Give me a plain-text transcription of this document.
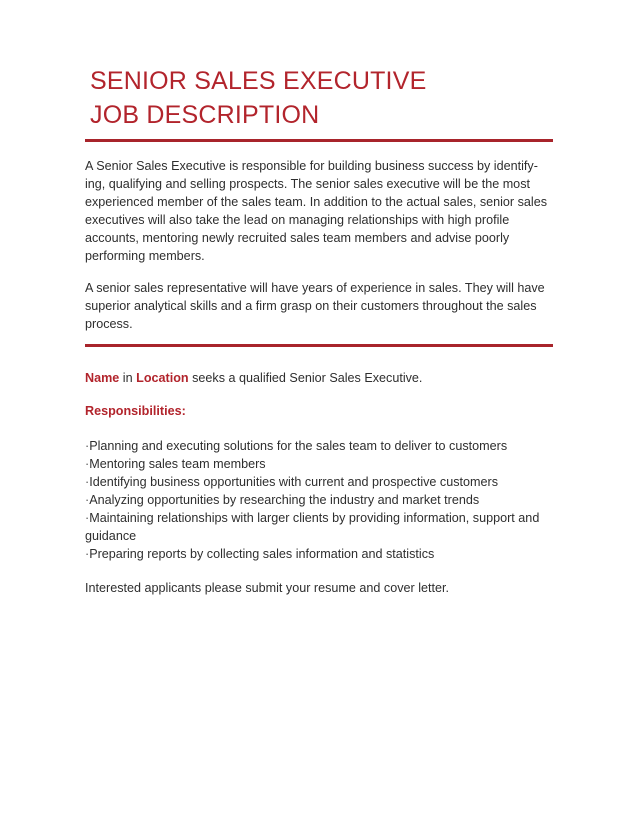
SENIOR SALES EXECUTIVE
JOB DESCRIPTION

A Senior Sales Executive is responsible for building business success by identify-ing, qualifying and selling prospects. The senior sales executive will be the most experienced member of the sales team. In addition to the actual sales, senior sales executives will also take the lead on managing relationships with high profile accounts, mentoring newly recruited sales team members and advise poorly performing members.

A senior sales representative will have years of experience in sales. They will have superior analytical skills and a firm grasp on their customers throughout the sales process.

Name in Location seeks a qualified Senior Sales Executive.
Responsibilities:
·Planning and executing solutions for the sales team to deliver to customers
·Mentoring sales team members
·Identifying business opportunities with current and prospective customers
·Analyzing opportunities by researching the industry and market trends
·Maintaining relationships with larger clients by providing information, support and guidance
·Preparing reports by collecting sales information and statistics

Interested applicants please submit your resume and cover letter.
